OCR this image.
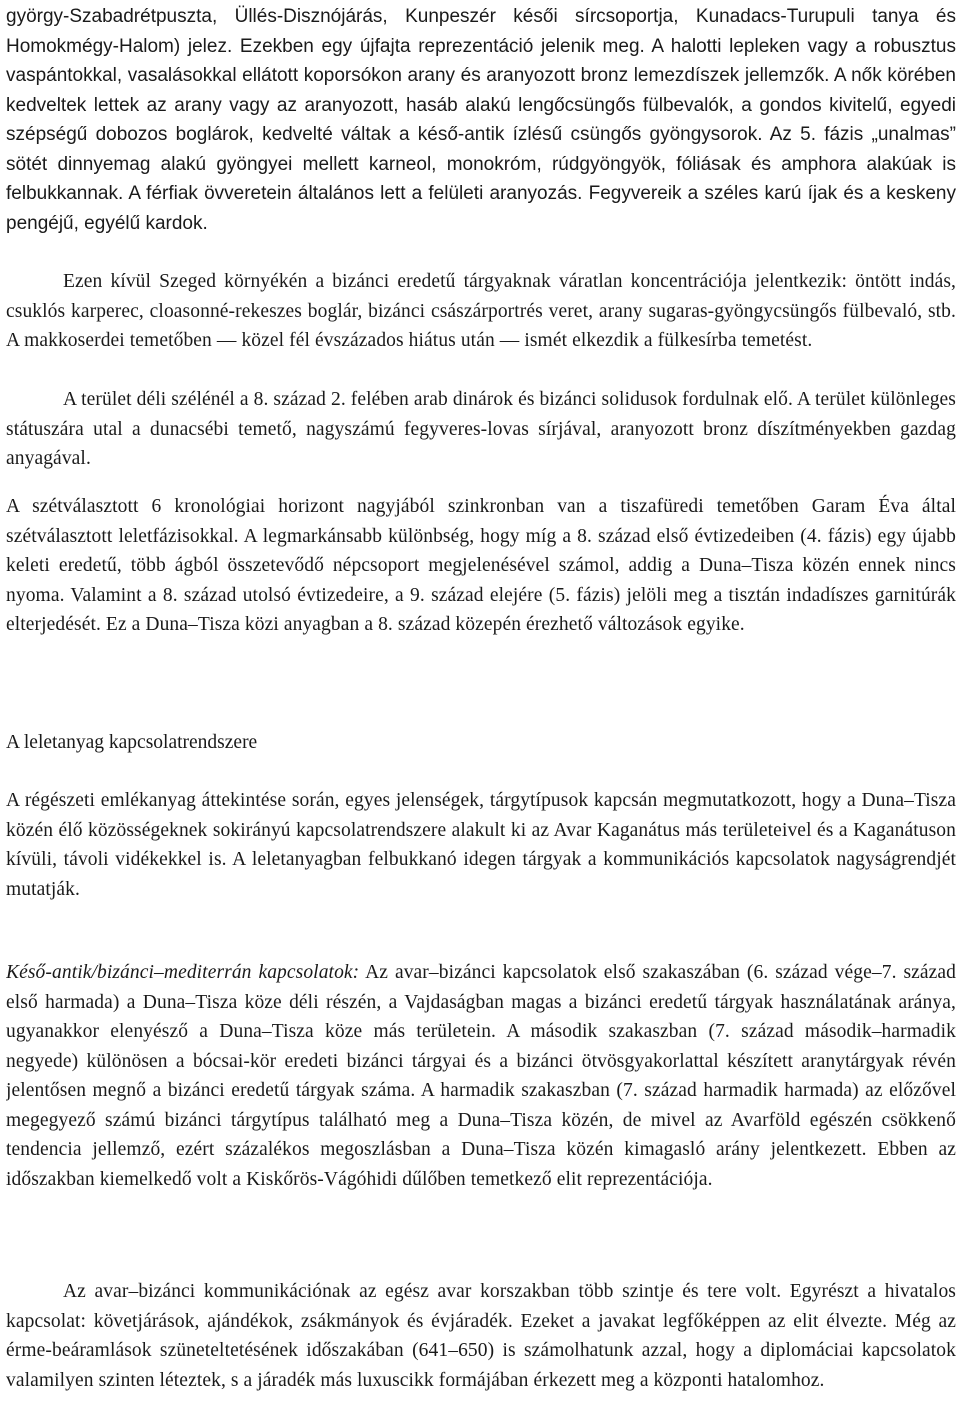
györgy-Szabadrétpuszta, Üllés-Disznójárás, Kunpeszér késői sírcsoportja, Kunadacs-Turupuli tanya és Homokmégy-Halom) jelez. Ezekben egy újfajta reprezentáció jelenik meg. A halotti lepleken vagy a robusztus vaspántokkal, vasalásokkal ellátott koporsókon arany és aranyozott bronz lemezdíszek jellemzők. A nők körében kedveltek lettek az arany vagy az aranyozott, hasáb alakú lengőcsüngős fülbevalók, a gondos kivitelű, egyedi szépségű dobozos boglárok, kedvelté váltak a késő-antik ízlésű csüngős gyöngysorok. Az 5. fázis „unalmas” sötét dinnyemag alakú gyöngyei mellett karneol, monokróm, rúdgyöngyök, fóliásak és amphora alakúak is felbukkannak. A férfiak övveretein általános lett a felületi aranyozás. Fegyvereik a széles karú íjak és a keskeny pengéjű, egyélű kardok.

Ezen kívül Szeged környékén a bizánci eredetű tárgyaknak váratlan koncentrációja jelentkezik: öntött indás, csuklós karperec, cloasonné-rekeszes boglár, bizánci császárportrés veret, arany sugaras-gyöngycsüngős fülbevaló, stb. A makkoserdei temetőben — közel fél évszázados hiátus után — ismét elkezdik a fülkesírba temetést.

A terület déli szélénél a 8. század 2. felében arab dinárok és bizánci solidusok fordulnak elő. A terület különleges státuszára utal a dunacsébi temető, nagyszámú fegyveres-lovas sírjával, aranyozott bronz díszítményekben gazdag anyagával.

A szétválasztott 6 kronológiai horizont nagyjából szinkronban van a tiszafüredi temetőben Garam Éva által szétválasztott leletfázisokkal. A legmarkánsabb különbség, hogy míg a 8. század első évtizedeiben (4. fázis) egy újabb keleti eredetű, több ágból összetevődő népcsoport megjelenésével számol, addig a Duna–Tisza közén ennek nincs nyoma. Valamint a 8. század utolsó évtizedeire, a 9. század elejére (5. fázis) jelöli meg a tisztán indadíszes garnitúrák elterjedését. Ez a Duna–Tisza közi anyagban a 8. század közepén érezhető változások egyike.

A leletanyag kapcsolatrendszere

A régészeti emlékanyag áttekintése során, egyes jelenségek, tárgytípusok kapcsán megmutatkozott, hogy a Duna–Tisza közén élő közösségeknek sokirányú kapcsolatrendszere alakult ki az Avar Kaganátus más területeivel és a Kaganátuson kívüli, távoli vidékekkel is. A leletanyagban felbukkanó idegen tárgyak a kommunikációs kapcsolatok nagyságrendjét mutatják.

Késő-antik/bizánci–mediterrán kapcsolatok: Az avar–bizánci kapcsolatok első szakaszában (6. század vége–7. század első harmada) a Duna–Tisza köze déli részén, a Vajdaságban magas a bizánci eredetű tárgyak használatának aránya, ugyanakkor elenyésző a Duna–Tisza köze más területein. A második szakaszban (7. század második–harmadik negyede) különösen a bócsai-kör eredeti bizánci tárgyai és a bizánci ötvösgyakorlattal készített aranytárgyak révén jelentősen megnő a bizánci eredetű tárgyak száma. A harmadik szakaszban (7. század harmadik harmada) az előzővel megegyező számú bizánci tárgytípus található meg a Duna–Tisza közén, de mivel az Avarföld egészén csökkenő tendencia jellemző, ezért százalékos megoszlásban a Duna–Tisza közén kimagasló arány jelentkezett. Ebben az időszakban kiemelkedő volt a Kiskőrös-Vágóhidi dűlőben temetkező elit reprezentációja.

Az avar–bizánci kommunikációnak az egész avar korszakban több szintje és tere volt. Egyrészt a hivatalos kapcsolat: követjárások, ajándékok, zsákmányok és évjáradék. Ezeket a javakat legfőképpen az elit élvezte. Még az érme-beáramlások szüneteltetésének időszakában (641–650) is számolhatunk azzal, hogy a diplomáciai kapcsolatok valamilyen szinten léteztek, s a járadék más luxuscikk formájában érkezett meg a központi hatalomhoz.
